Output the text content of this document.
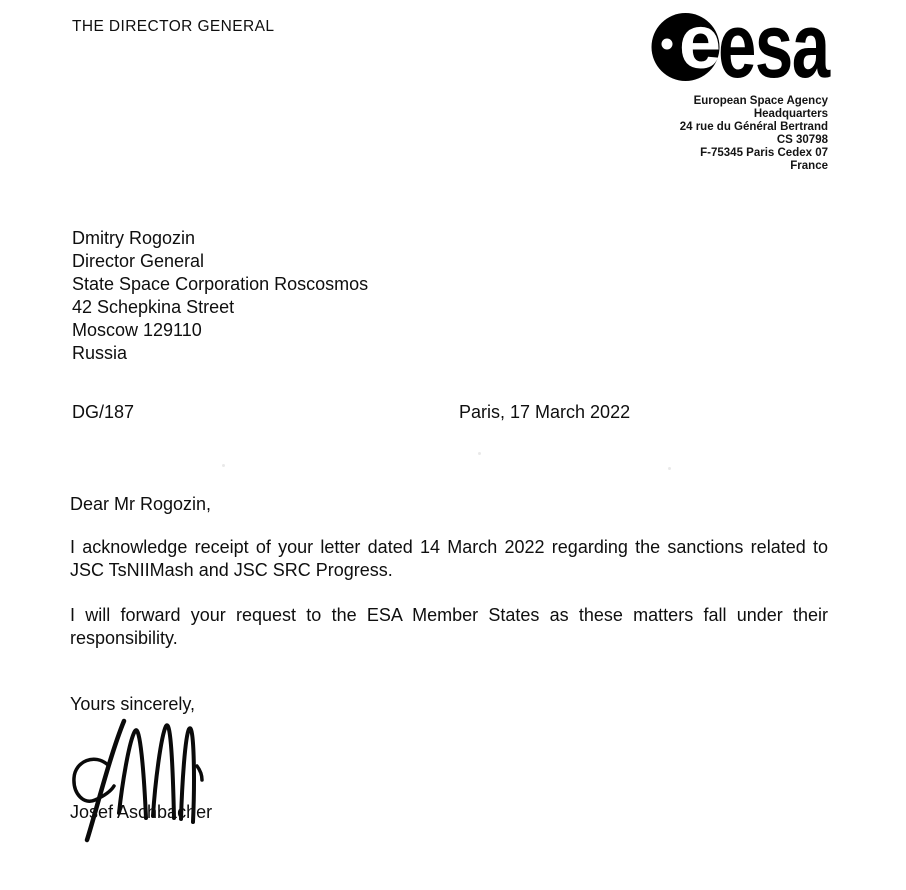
THE DIRECTOR GENERAL	e
esa
European Space Agency
Headquarters
24 rue du Général Bertrand
CS 30798
F-75345 Paris Cedex 07
France
Dmitry Rogozin
Director General
State Space Corporation Roscosmos
42 Schepkina Street
Moscow 129110
Russia
DG/187	Paris, 17 March 2022
Dear Mr Rogozin,
I acknowledge receipt of your letter dated 14 March 2022 regarding the sanctions related to
JSC TsNIIMash and JSC SRC Progress.
I will forward your request to the ESA Member States as these matters fall under their
responsibility.
Yours sincerely,
Josef Aschbacher
